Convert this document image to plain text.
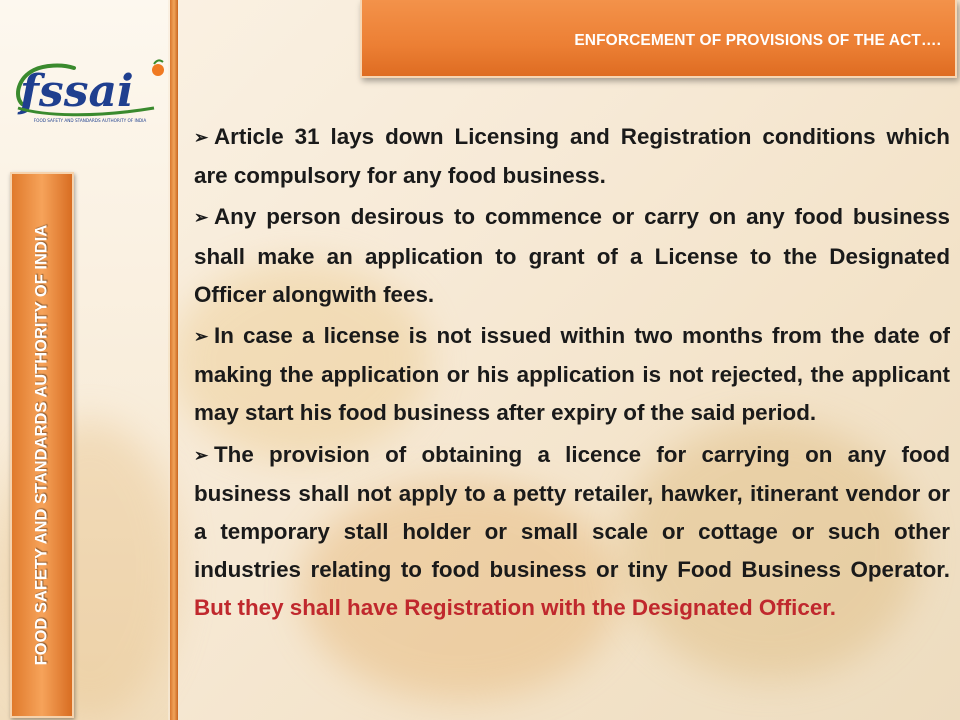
fssai
FOOD SAFETY AND STANDARDS AUTHORITY OF INDIA
FOOD SAFETY AND STANDARDS AUTHORITY OF INDIA
ENFORCEMENT OF PROVISIONS OF THE ACT….

➢ Article 31 lays down Licensing and Registration conditions which are compulsory for any food business.

➢ Any person desirous to commence or carry on any food business shall make an application to grant of a License to the Designated Officer alongwith fees.

➢ In case a license is not issued within two months from the date of making the application or his application is not rejected, the applicant may start his food business after expiry of the said period.

➢ The provision of obtaining a licence for carrying on any food business shall not apply to a petty retailer, hawker, itinerant vendor or a temporary stall holder or small scale or cottage or such other industries relating to food business or tiny Food Business Operator. But they shall have Registration with the Designated Officer.
